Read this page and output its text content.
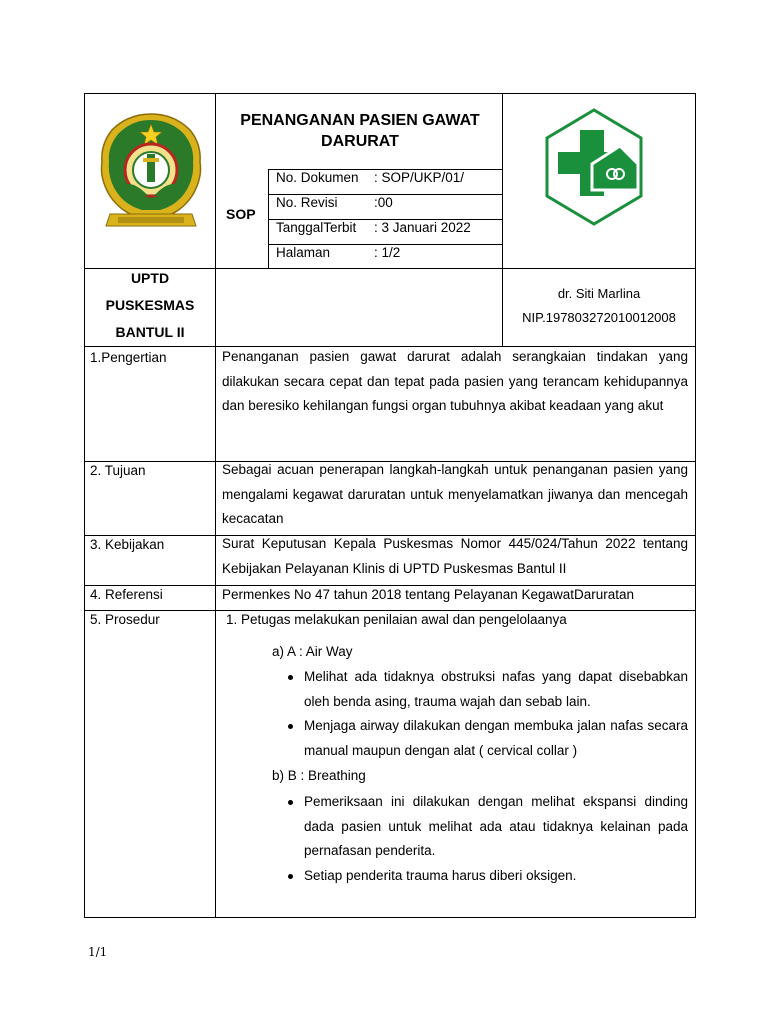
PENANGANAN PASIEN GAWAT
DARURAT
SOP
No. Dokumen : SOP/UKP/01/
No. Revisi	:00
TanggalTerbit : 3 Januari 2022
Halaman	: 1/2
UPTD
PUSKESMAS
BANTUL II
dr. Siti Marlina
NIP.197803272010012008
1.Pengertian	Penanganan pasien gawat darurat adalah serangkaian tindakan yang dilakukan secara cepat dan tepat pada pasien yang terancam kehidupannya dan beresiko kehilangan fungsi organ tubuhnya akibat keadaan yang akut

2. Tujuan	Sebagai acuan penerapan langkah-langkah untuk penanganan pasien yang mengalami kegawat daruratan untuk menyelamatkan jiwanya dan mencegah kecacatan

3. Kebijakan	Surat Keputusan Kepala Puskesmas Nomor 445/024/Tahun 2022 tentang Kebijakan Pelayanan Klinis di UPTD Puskesmas Bantul II

4. Referensi	Permenkes No 47 tahun 2018 tentang Pelayanan KegawatDaruratan
5. Prosedur	1. Petugas melakukan penilaian awal dan pengelolaanya
a) A : Air Way

Melihat ada tidaknya obstruksi nafas yang dapat disebabkan oleh benda asing, trauma wajah dan sebab lain.

Menjaga airway dilakukan dengan membuka jalan nafas secara manual maupun dengan alat ( cervical collar )

b) B : Breathing

Pemeriksaan ini dilakukan dengan melihat ekspansi dinding dada pasien untuk melihat ada atau tidaknya kelainan pada pernafasan penderita.

Setiap penderita trauma harus diberi oksigen.
1/1
